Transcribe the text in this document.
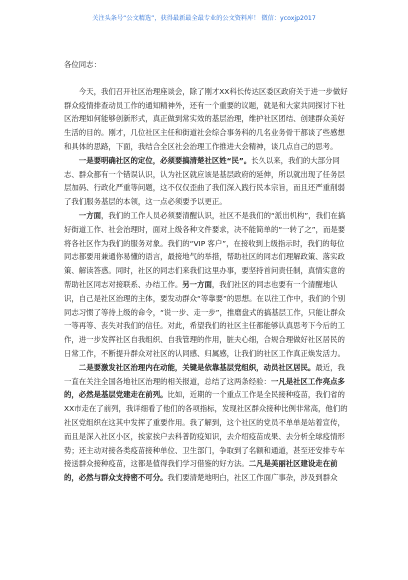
关注头条号“公文精选”，获得最新最全最专业的公文资料库！ 微信：ycoxjp2017

各位同志：

今天，我们召开社区治理座谈会，除了刚才XX科长传达区委区政府关于进一步做好群众疫情排查动员工作的通知精神外，还有一个重要的议题，就是和大家共同探讨下社区治理如何能够创新形式，真正做到常实效的基层治理，维护社区团结、创建群众美好生活的目的。刚才，几位社区主任和街道社会综合事务科的几名业务骨干都谈了些感想和具体的思路，下面，我结合全区社会治理工作推进大会精神，谈几点自己的思考。

一是要明确社区的定位，必须要搞清楚社区姓“民”。长久以来，我们的大部分同志、群众都有一个错误认识，认为社区就应该是基层政府的延伸，所以就出现了任务层层加码、行政化严重等问题，这不仅仅歪曲了我们深入践行民本宗旨，而且还严重削弱了我们服务基层的本领，这一点必须要予以更正。

一方面，我们的工作人员必须要清醒认识，社区不是我们的“派出机构”，我们在搞好街道工作、社会治理时，面对上级各种文件要求，决不能简单的“一转了之”，而是要将各社区作为我们的服务对象。我们的“VIP 客户”，在接收到上级指示时，我们的每位同志都要用兼通你易懂的语言，最接地气的举措，帮助社区的同志们理解政策、落实政策、解读答惑。同时，社区的同志们来我们这里办事，要坚持首问责任制，真情实意的帮助社区同志对接联系、办结工作。另一方面，我们社区的同志也要有一个清醒地认识，自己是社区治理的主体，要发动群众“等靠要”的思想。在以往工作中，我们的个别同志习惯了等待上级的命令，“说一步、走一步”，推磨盘式的搞基层工作，只能让群众一等再等、丧失对我们的信任。对此，希望我们的社区主任都能够认真思考下今后的工作，进一步发挥社区自我组织、自我管理的作用，脏夫心细，合规合理做好社区居民的日常工作，不断提升群众对社区的认同感、归属感，让我们的社区工作真正焕发活力。

二是要激发社区治理内在动能，关键是依靠基层党组织，动员社区居民。最近，我一直在关注全国各地社区治理的相关报道，总结了这两条经验：一凡是社区工作亮点多的，必然是基层党建走在前列。比如，近期的一个重点工作是全民接种疫苗，我们省的XX市走在了前列，我详细看了他们的各项指标，发现社区群众接种比例非常高，他们的社区党组织在这其中发挥了重要作用。我了解到，这个社区的党员不单单是站着宣传，而且是深入社区小区，挨家挨户去科普防疫知识，去介绍疫苗成果、去分析全球疫情形势；还主动对接各类疫苗接种单位、卫生部门，争取到了名额和通道，甚至还安排专车接送群众接种疫苗，这都是值得我们学习借鉴的好方法。二凡是美丽社区建设走在前的，必然与群众支持密不可分。我们要清楚地明白，社区工作面广事杂，涉及到群众
